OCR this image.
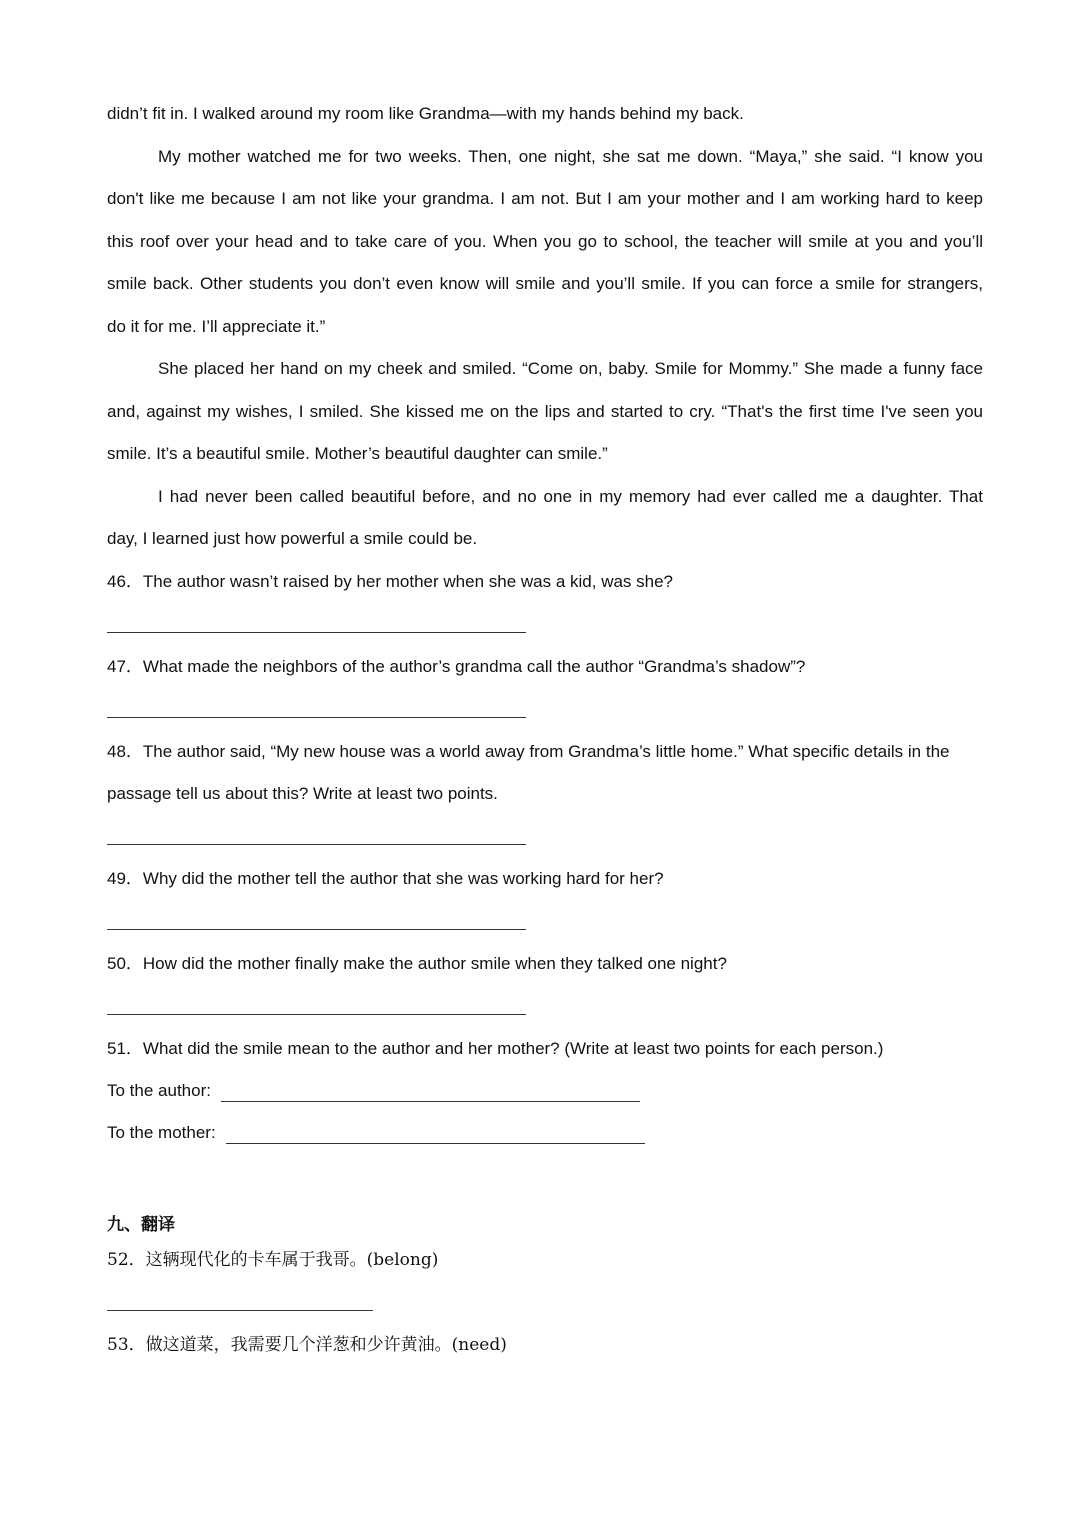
didn’t fit in. I walked around my room like Grandma—with my hands behind my back.
My mother watched me for two weeks. Then, one night, she sat me down. “Maya,” she said. “I know you
don't like me because I am not like your grandma. I am not. But I am your mother and I am working hard to keep
this roof over your head and to take care of you. When you go to school, the teacher will smile at you and you’ll
smile back. Other students you don’t even know will smile and you’ll smile. If you can force a smile for strangers,
do it for me. I’ll appreciate it.”
She placed her hand on my cheek and smiled. “Come on, baby. Smile for Mommy.” She made a funny face
and, against my wishes, I smiled. She kissed me on the lips and started to cry. “That's the first time I've seen you
smile. It’s a beautiful smile. Mother’s beautiful daughter can smile.”
I had never been called beautiful before, and no one in my memory had ever called me a daughter. That
day, I learned just how powerful a smile could be.
46．The author wasn’t raised by her mother when she was a kid, was she?
47．What made the neighbors of the author’s grandma call the author “Grandma’s shadow”?
48．The author said, “My new house was a world away from Grandma’s little home.” What specific details in the
passage tell us about this? Write at least two points.
49．Why did the mother tell the author that she was working hard for her?
50．How did the mother finally make the author smile when they talked one night?
51．What did the smile mean to the author and her mother? (Write at least two points for each person.)
To the author:
To the mother:
九、翻译
52．这辆现代化的卡车属于我哥。(belong)
53．做这道菜，我需要几个洋葱和少许黄油。(need)
